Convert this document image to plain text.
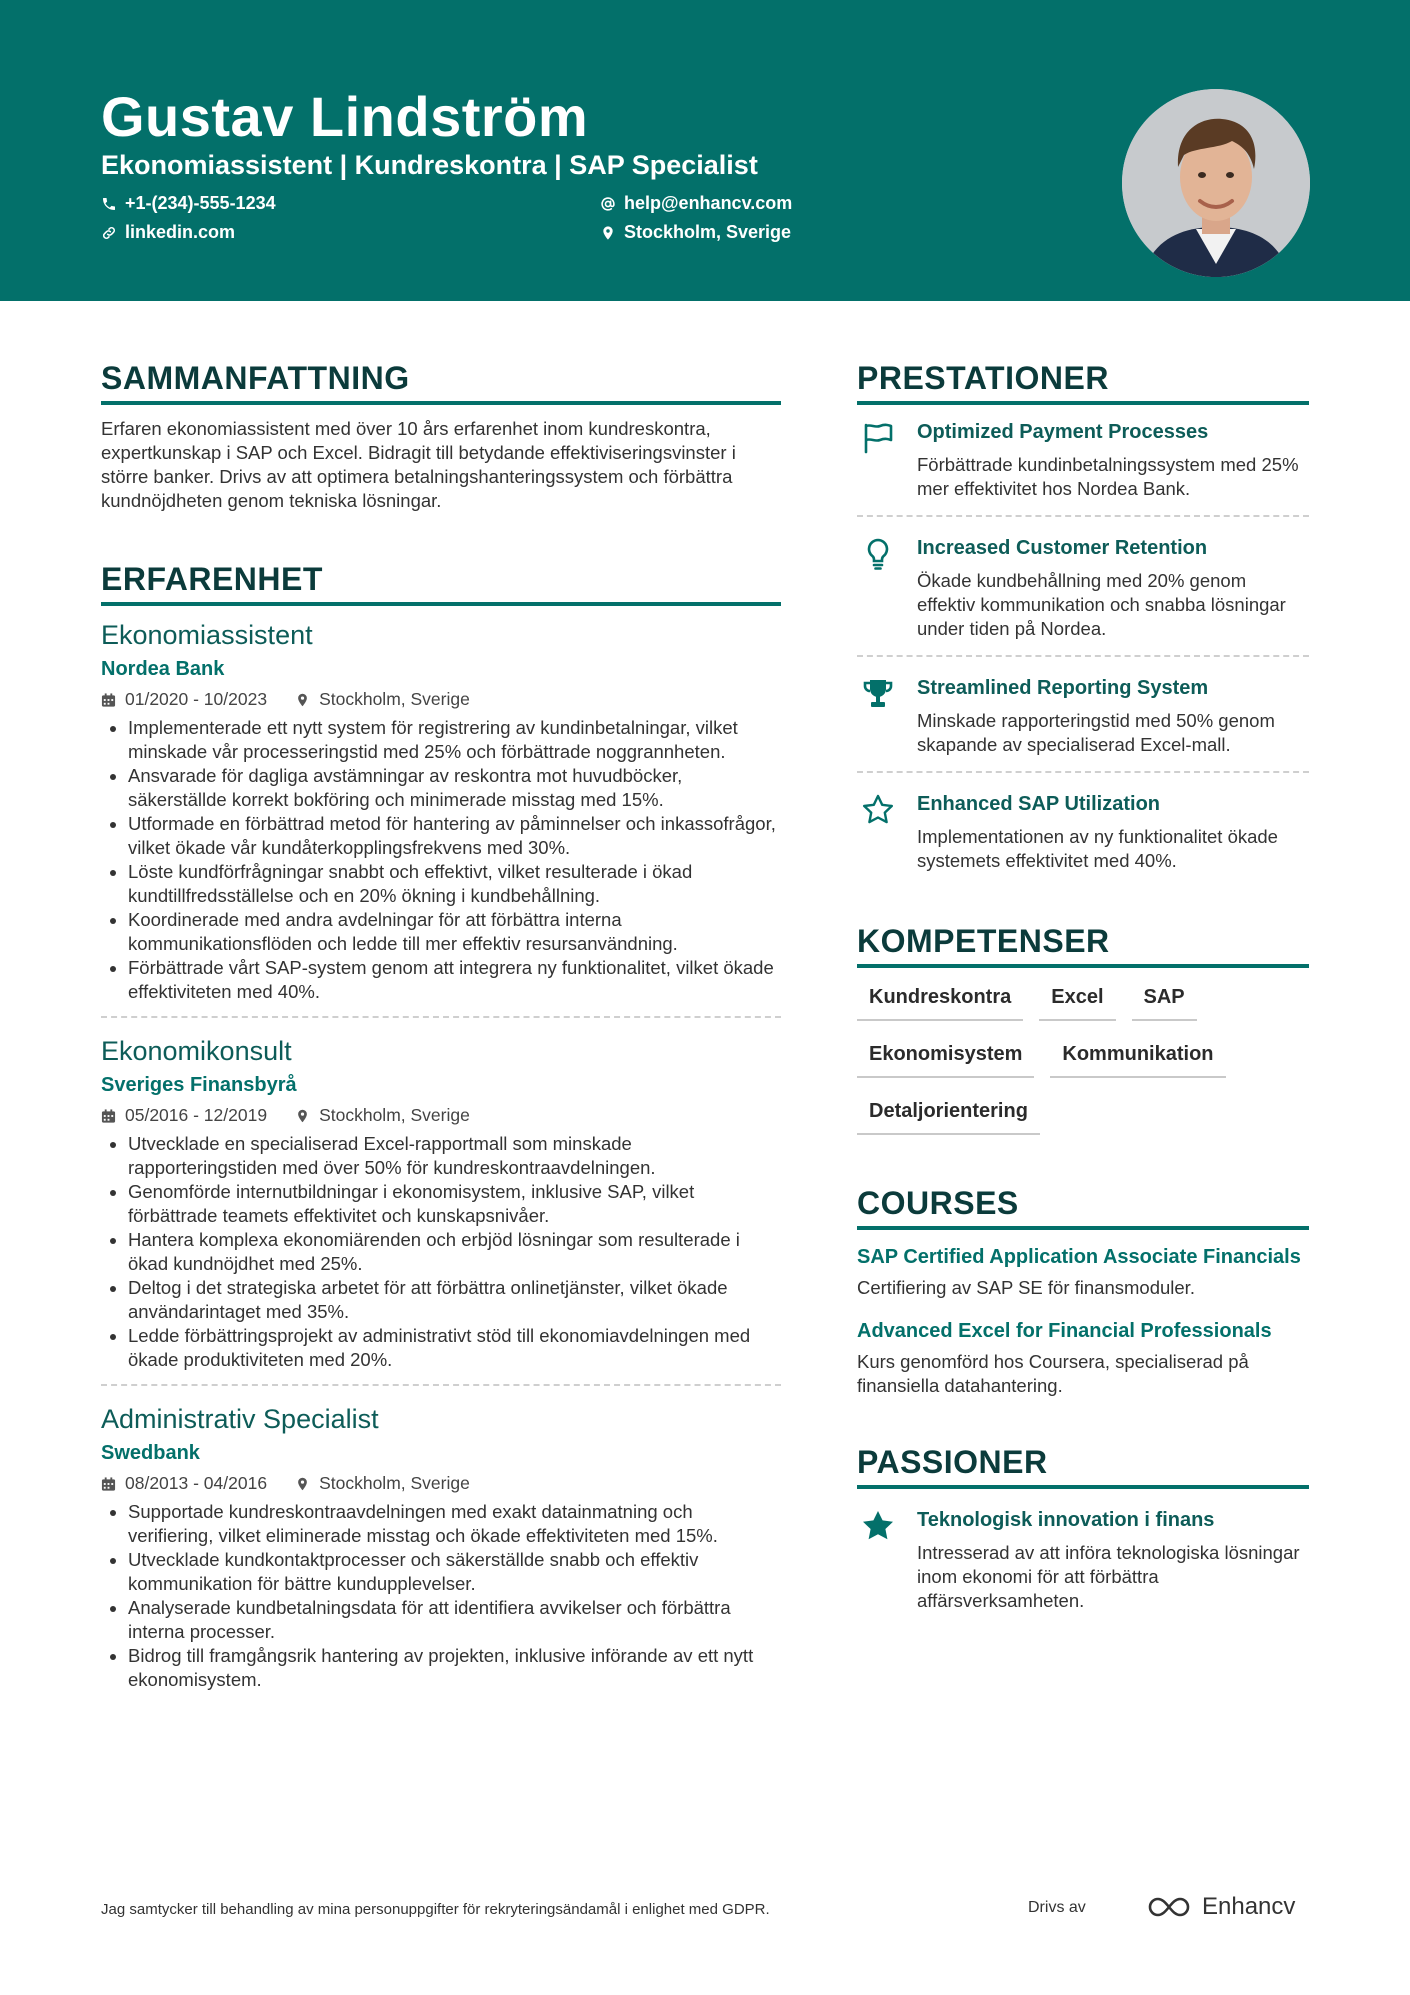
Gustav Lindström
Ekonomiassistent | Kundreskontra | SAP Specialist
+1-(234)-555-1234
linkedin.com
help@enhancv.com
Stockholm, Sverige
SAMMANFATTNING

Erfaren ekonomiassistent med över 10 års erfarenhet inom kundreskontra, expertkunskap i SAP och Excel. Bidragit till betydande effektiviseringsvinster i större banker. Drivs av att optimera betalningshanteringssystem och förbättra kundnöjdheten genom tekniska lösningar.

ERFARENHET

Ekonomiassistent

Nordea Bank
01/2020 - 10/2023	Stockholm, Sverige
• Implementerade ett nytt system för registrering av kundinbetalningar, vilket minskade vår processeringstid med 25% och förbättrade noggrannheten.
• Ansvarade för dagliga avstämningar av reskontra mot huvudböcker, säkerställde korrekt bokföring och minimerade misstag med 15%.
• Utformade en förbättrad metod för hantering av påminnelser och inkassofrågor, vilket ökade vår kundåterkopplingsfrekvens med 30%.
• Löste kundförfrågningar snabbt och effektivt, vilket resulterade i ökad kundtillfredsställelse och en 20% ökning i kundbehållning.
• Koordinerade med andra avdelningar för att förbättra interna kommunikationsflöden och ledde till mer effektiv resursanvändning.
• Förbättrade vårt SAP-system genom att integrera ny funktionalitet, vilket ökade effektiviteten med 40%.

Ekonomikonsult

Sveriges Finansbyrå
05/2016 - 12/2019	Stockholm, Sverige
• Utvecklade en specialiserad Excel-rapportmall som minskade rapporteringstiden med över 50% för kundreskontraavdelningen.
• Genomförde internutbildningar i ekonomisystem, inklusive SAP, vilket förbättrade teamets effektivitet och kunskapsnivåer.
• Hantera komplexa ekonomiärenden och erbjöd lösningar som resulterade i ökad kundnöjdhet med 25%.
• Deltog i det strategiska arbetet för att förbättra onlinetjänster, vilket ökade användarintaget med 35%.
• Ledde förbättringsprojekt av administrativt stöd till ekonomiavdelningen med ökade produktiviteten med 20%.

Administrativ Specialist

Swedbank
08/2013 - 04/2016	Stockholm, Sverige
• Supportade kundreskontraavdelningen med exakt datainmatning och verifiering, vilket eliminerade misstag och ökade effektiviteten med 15%.
• Utvecklade kundkontaktprocesser och säkerställde snabb och effektiv kommunikation för bättre kundupplevelser.
• Analyserade kundbetalningsdata för att identifiera avvikelser och förbättra interna processer.
• Bidrog till framgångsrik hantering av projekten, inklusive införande av ett nytt ekonomisystem.
PRESTATIONER

Optimized Payment Processes

Förbättrade kundinbetalningssystem med 25% mer effektivitet hos Nordea Bank.

Increased Customer Retention

Ökade kundbehållning med 20% genom effektiv kommunikation och snabba lösningar under tiden på Nordea.

Streamlined Reporting System

Minskade rapporteringstid med 50% genom skapande av specialiserad Excel-mall.

Enhanced SAP Utilization

Implementationen av ny funktionalitet ökade systemets effektivitet med 40%.
KOMPETENSER
Kundreskontra	Excel	SAP
Ekonomisystem	Kommunikation
Detaljorientering
COURSES

SAP Certified Application Associate Financials

Certifiering av SAP SE för finansmoduler.

Advanced Excel for Financial Professionals

Kurs genomförd hos Coursera, specialiserad på finansiella datahantering.
PASSIONER

Teknologisk innovation i finans

Intresserad av att införa teknologiska lösningar inom ekonomi för att förbättra affärsverksamheten.
Jag samtycker till behandling av mina personuppgifter för rekryteringsändamål i enlighet med GDPR.	Drivs av	Enhancv
